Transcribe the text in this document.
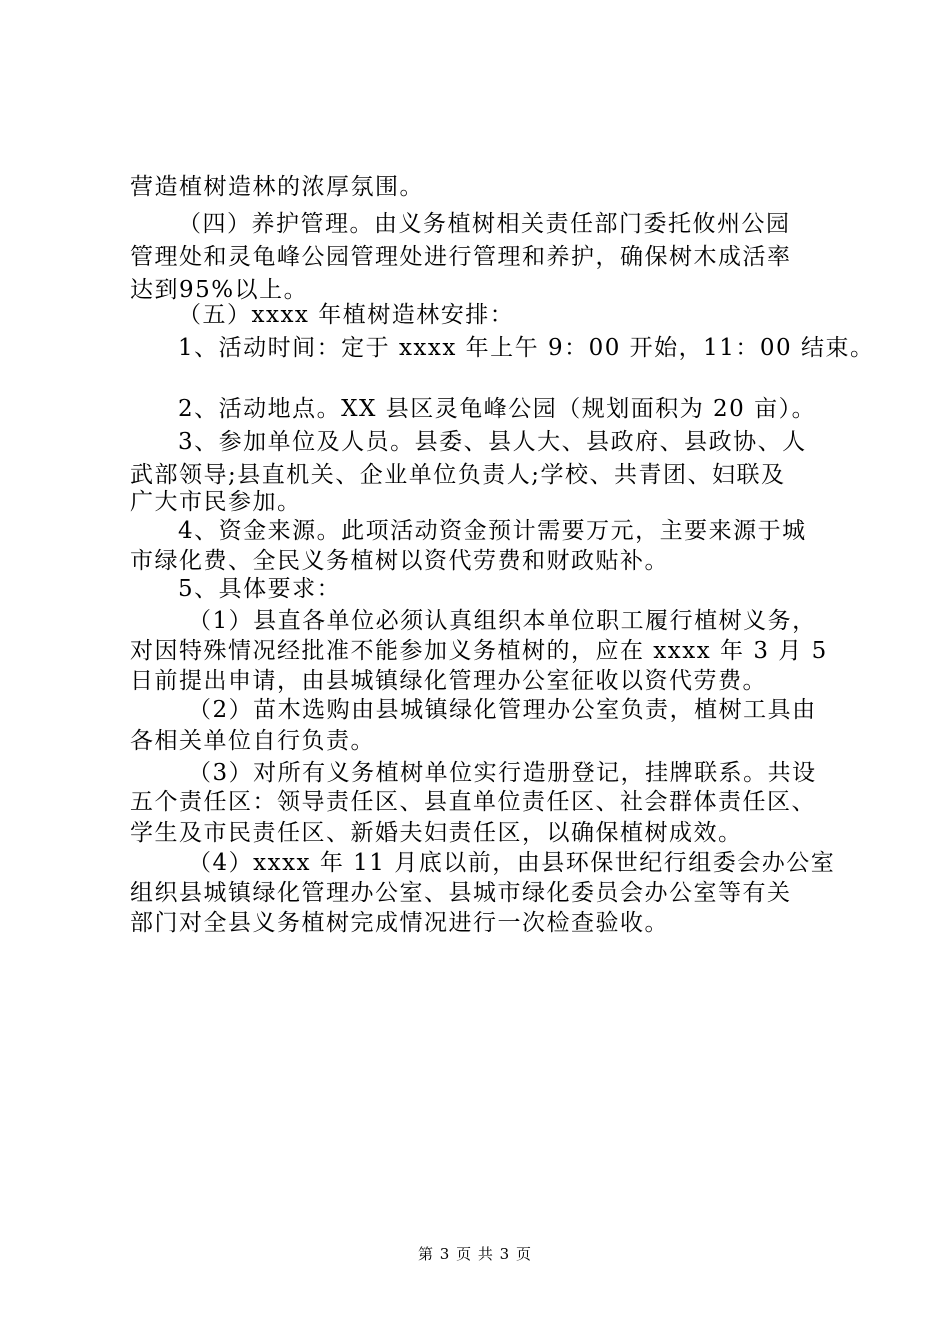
营造植树造林的浓厚氛围。
（四）养护管理。由义务植树相关责任部门委托攸州公园
管理处和灵龟峰公园管理处进行管理和养护，确保树木成活率
达到95%以上。
（五）xxxx 年植树造林安排：
1、活动时间：定于 xxxx 年上午 9：00 开始，11：00 结束。
2、活动地点。XX 县区灵龟峰公园（规划面积为 20 亩）。
3、参加单位及人员。县委、县人大、县政府、县政协、人
武部领导;县直机关、企业单位负责人;学校、共青团、妇联及
广大市民参加。
4、资金来源。此项活动资金预计需要万元，主要来源于城
市绿化费、全民义务植树以资代劳费和财政贴补。
5、具体要求：
（1）县直各单位必须认真组织本单位职工履行植树义务，
对因特殊情况经批准不能参加义务植树的，应在 xxxx 年 3 月 5
日前提出申请，由县城镇绿化管理办公室征收以资代劳费。
（2）苗木选购由县城镇绿化管理办公室负责，植树工具由
各相关单位自行负责。
（3）对所有义务植树单位实行造册登记，挂牌联系。共设
五个责任区：领导责任区、县直单位责任区、社会群体责任区、
学生及市民责任区、新婚夫妇责任区，以确保植树成效。
（4）xxxx 年 11 月底以前，由县环保世纪行组委会办公室
组织县城镇绿化管理办公室、县城市绿化委员会办公室等有关
部门对全县义务植树完成情况进行一次检查验收。
第 3 页 共 3 页
